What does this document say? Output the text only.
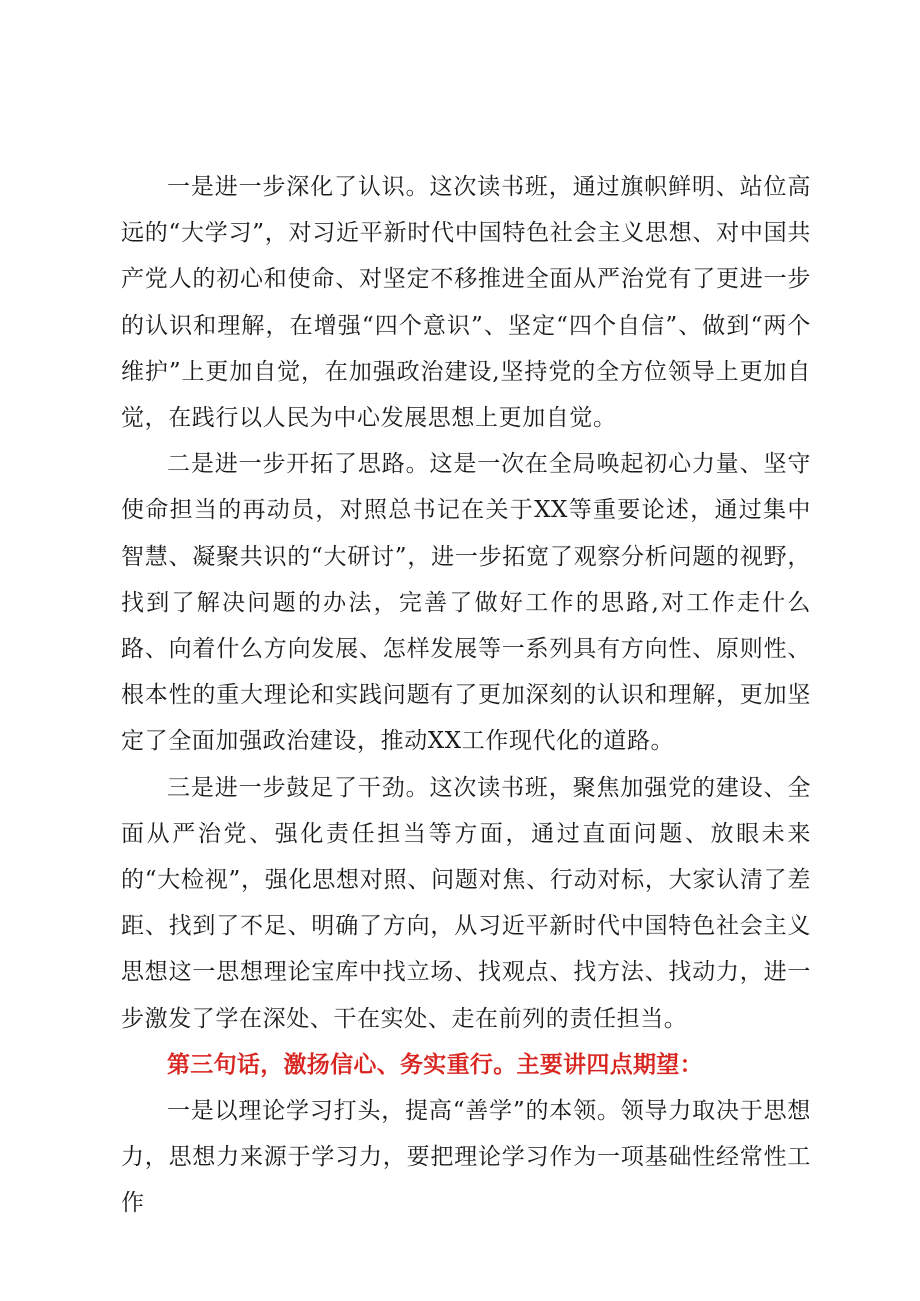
一是进一步深化了认识。这次读书班，通过旗帜鲜明、站位高远的“大学习”，对习近平新时代中国特色社会主义思想、对中国共产党人的初心和使命、对坚定不移推进全面从严治党有了更进一步的认识和理解，在增强“四个意识”、坚定“四个自信”、做到“两个维护”上更加自觉，在加强政治建设,坚持党的全方位领导上更加自觉，在践行以人民为中心发展思想上更加自觉。

二是进一步开拓了思路。这是一次在全局唤起初心力量、坚守使命担当的再动员，对照总书记在关于XX等重要论述，通过集中智慧、凝聚共识的“大研讨”，进一步拓宽了观察分析问题的视野，找到了解决问题的办法，完善了做好工作的思路,对工作走什么路、向着什么方向发展、怎样发展等一系列具有方向性、原则性、根本性的重大理论和实践问题有了更加深刻的认识和理解，更加坚定了全面加强政治建设，推动XX工作现代化的道路。

三是进一步鼓足了干劲。这次读书班，聚焦加强党的建设、全面从严治党、强化责任担当等方面，通过直面问题、放眼未来的“大检视”，强化思想对照、问题对焦、行动对标，大家认清了差距、找到了不足、明确了方向，从习近平新时代中国特色社会主义思想这一思想理论宝库中找立场、找观点、找方法、找动力，进一步激发了学在深处、干在实处、走在前列的责任担当。

第三句话，激扬信心、务实重行。主要讲四点期望：

一是以理论学习打头，提高“善学”的本领。领导力取决于思想力，思想力来源于学习力，要把理论学习作为一项基础性经常性工作
